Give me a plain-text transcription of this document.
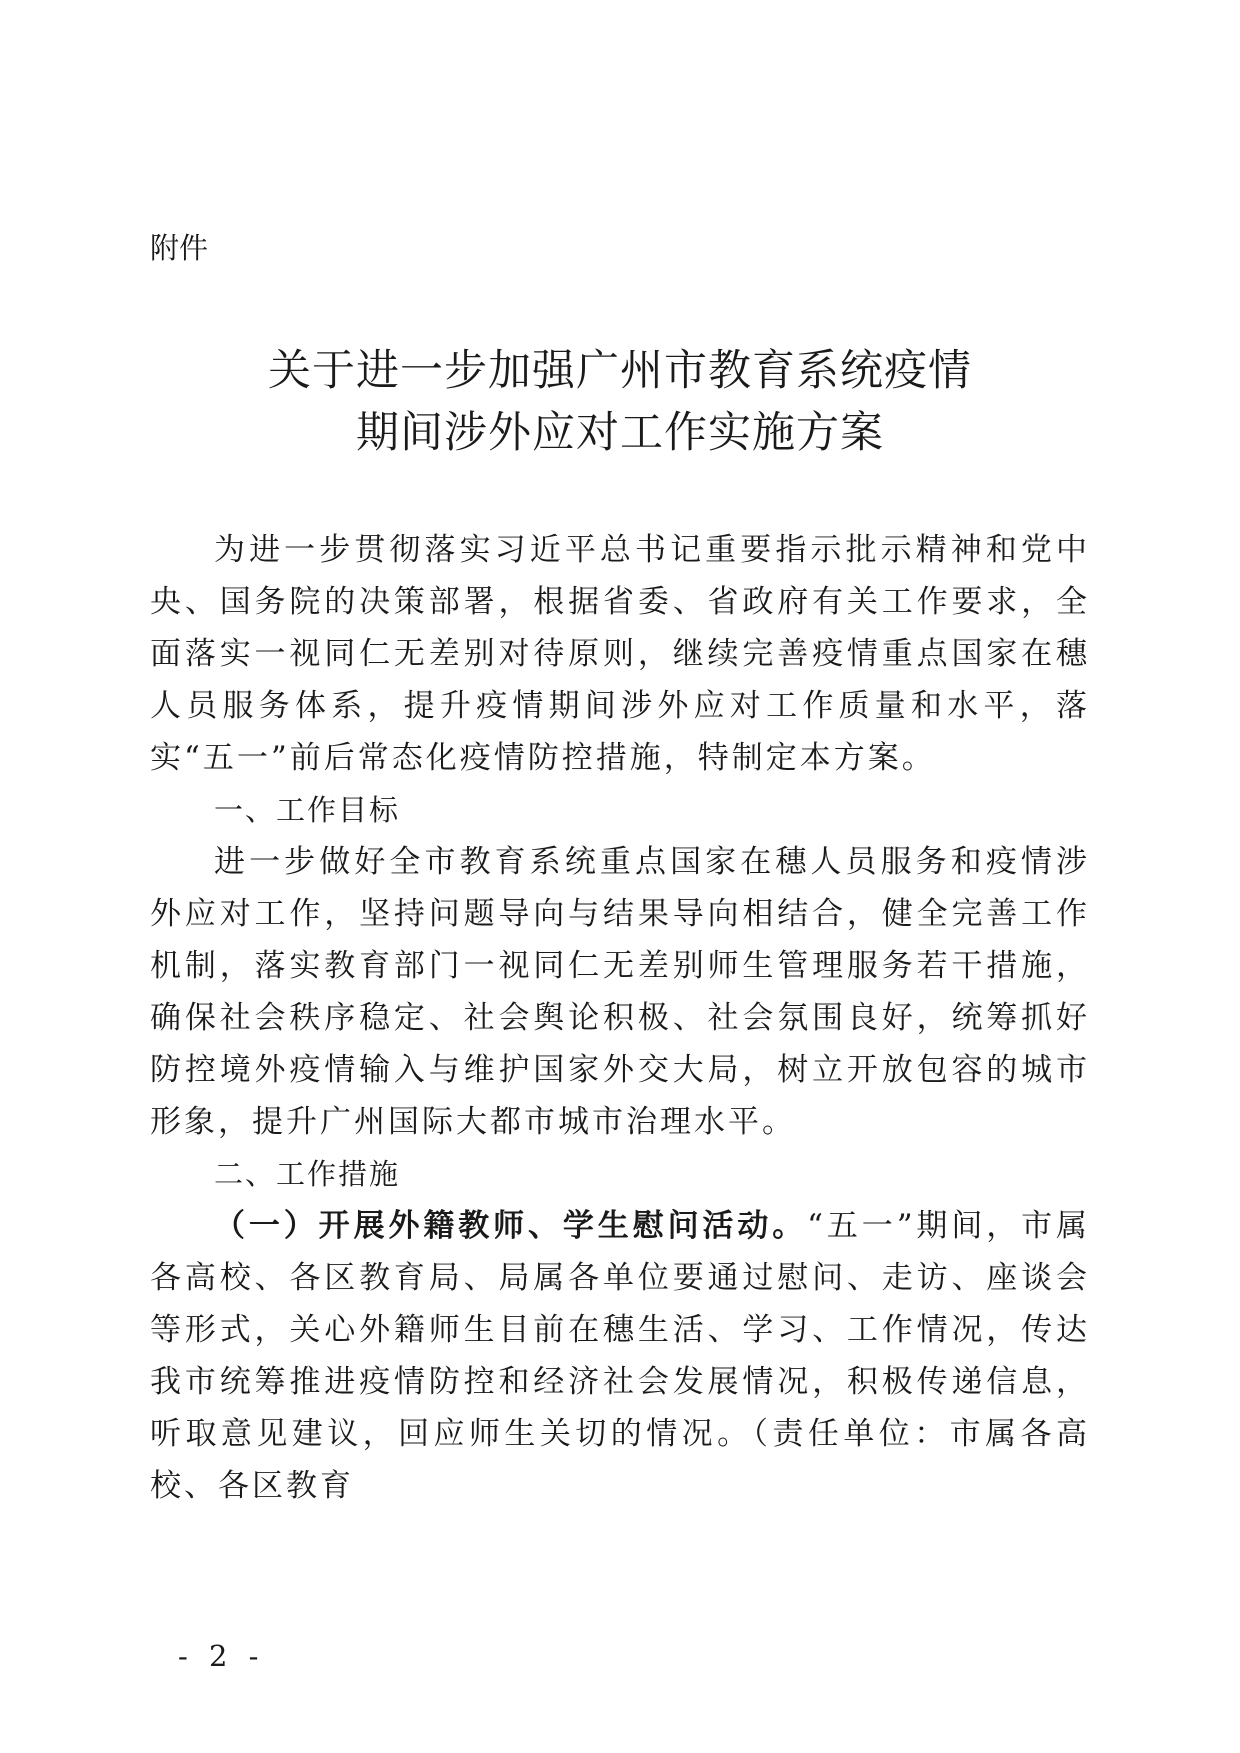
附件
关于进一步加强广州市教育系统疫情
期间涉外应对工作实施方案

为进一步贯彻落实习近平总书记重要指示批示精神和党中央、国务院的决策部署，根据省委、省政府有关工作要求，全面落实一视同仁无差别对待原则，继续完善疫情重点国家在穗人员服务体系，提升疫情期间涉外应对工作质量和水平，落实“五一”前后常态化疫情防控措施，特制定本方案。

一、工作目标

进一步做好全市教育系统重点国家在穗人员服务和疫情涉外应对工作，坚持问题导向与结果导向相结合，健全完善工作机制，落实教育部门一视同仁无差别师生管理服务若干措施，确保社会秩序稳定、社会舆论积极、社会氛围良好，统筹抓好防控境外疫情输入与维护国家外交大局，树立开放包容的城市形象，提升广州国际大都市城市治理水平。

二、工作措施

（一）开展外籍教师、学生慰问活动。“五一”期间，市属各高校、各区教育局、局属各单位要通过慰问、走访、座谈会等形式，关心外籍师生目前在穗生活、学习、工作情况，传达我市统筹推进疫情防控和经济社会发展情况，积极传递信息，听取意见建议，回应师生关切的情况。（责任单位：市属各高校、各区教育

- 2 -
